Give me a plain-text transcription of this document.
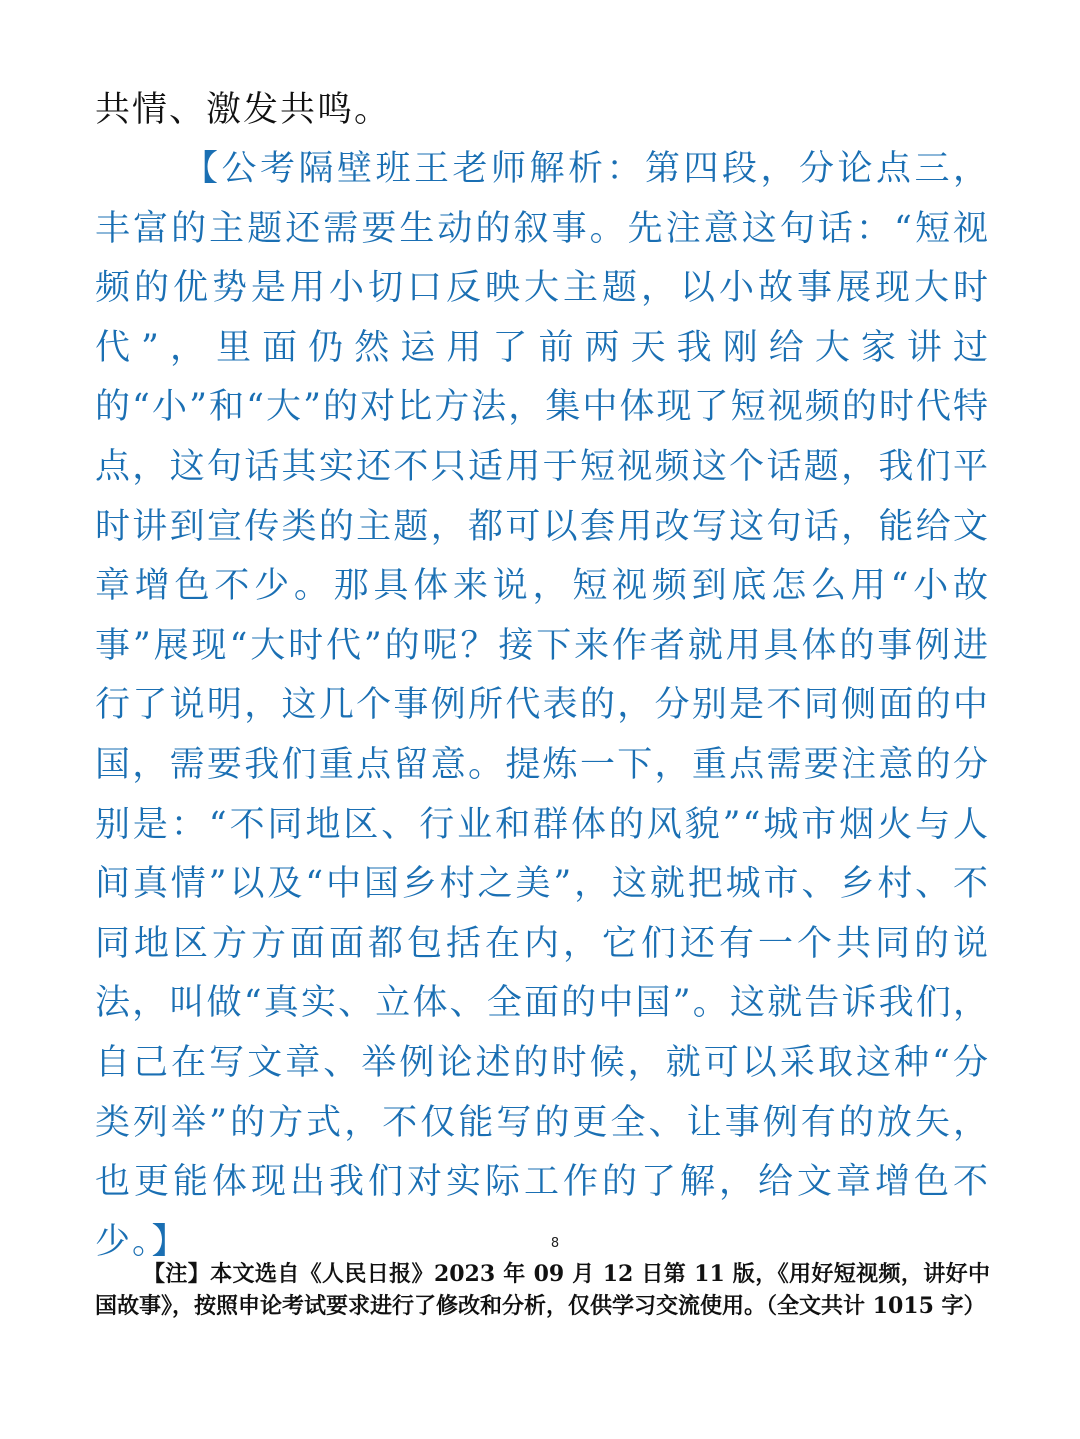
共情、激发共鸣。

【公考隔壁班王老师解析：第四段，分论点三，丰富的主题还需要生动的叙事。先注意这句话：“短视频的优势是用小切口反映大主题，以小故事展现大时代”，里面仍然运用了前两天我刚给大家讲过的“小”和“大”的对比方法，集中体现了短视频的时代特点，这句话其实还不只适用于短视频这个话题，我们平时讲到宣传类的主题，都可以套用改写这句话，能给文章增色不少。那具体来说，短视频到底怎么用“小故事”展现“大时代”的呢？接下来作者就用具体的事例进行了说明，这几个事例所代表的，分别是不同侧面的中国，需要我们重点留意。提炼一下，重点需要注意的分别是：“不同地区、行业和群体的风貌”“城市烟火与人间真情”以及“中国乡村之美”，这就把城市、乡村、不同地区方方面面都包括在内，它们还有一个共同的说法，叫做“真实、立体、全面的中国”。这就告诉我们，自己在写文章、举例论述的时候，就可以采取这种“分类列举”的方式，不仅能写的更全、让事例有的放矢，也更能体现出我们对实际工作的了解，给文章增色不少。】	8

【注】本文选自《人民日报》2023 年 09 月 12 日第 11 版，《用好短视频，讲好中国故事》，按照申论考试要求进行了修改和分析，仅供学习交流使用。（全文共计 1015 字）
